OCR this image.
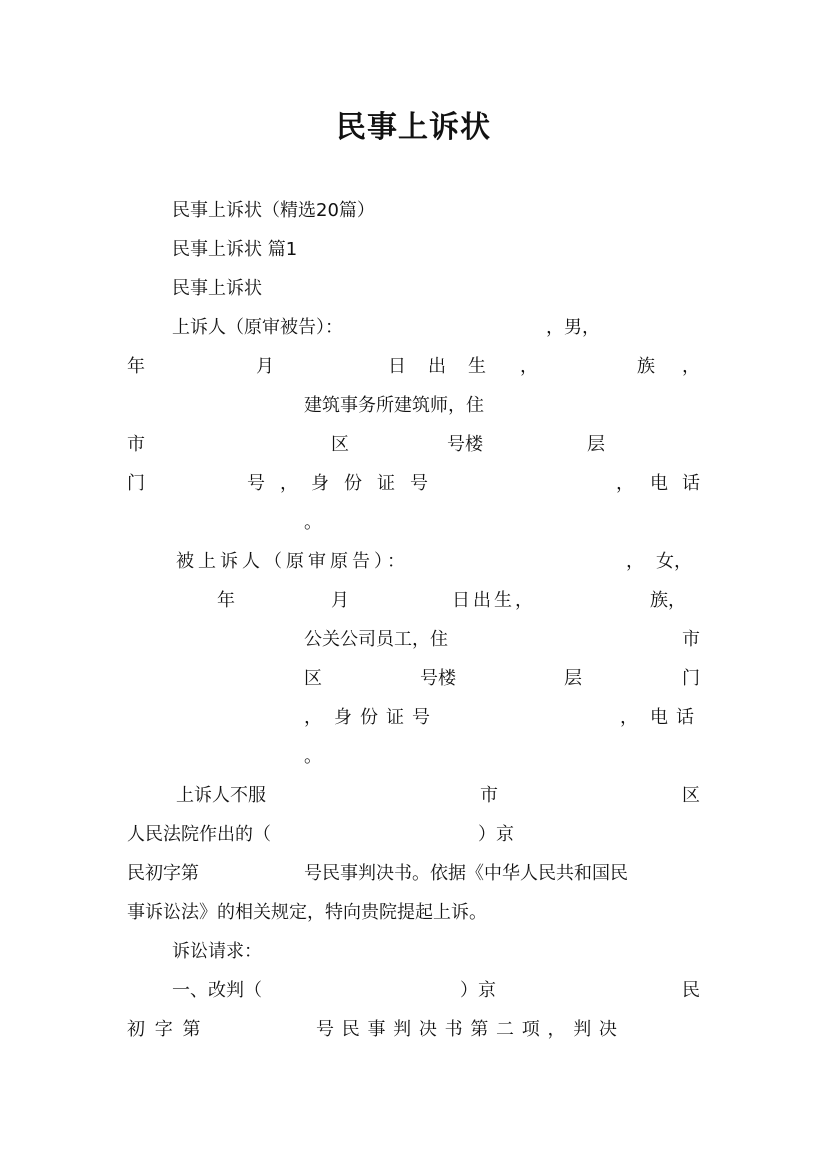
民事上诉状
民事上诉状（精选20篇）
民事上诉状 篇1
民事上诉状
上诉人（原审被告）：	，男，
年	月	日 出 生 ，	族 ，
建筑事务所建筑师，住
市	区	号楼	层
门	号 ， 身 份 证 号	， 电 话
。
被上诉人（原审原告）：	， 女，
年	月	日出生，	族，
公关公司员工，住	市
区	号楼	层	门
， 身份证号	， 电话
。
上诉人不服	市	区
人民法院作出的（	）京
民初字第	号民事判决书。依据《中华人民共和国民
事诉讼法》的相关规定，特向贵院提起上诉。
诉讼请求：
一、改判（	）京	民
初 字 第	号 民 事 判 决 书 第 二 项 ， 判 决
